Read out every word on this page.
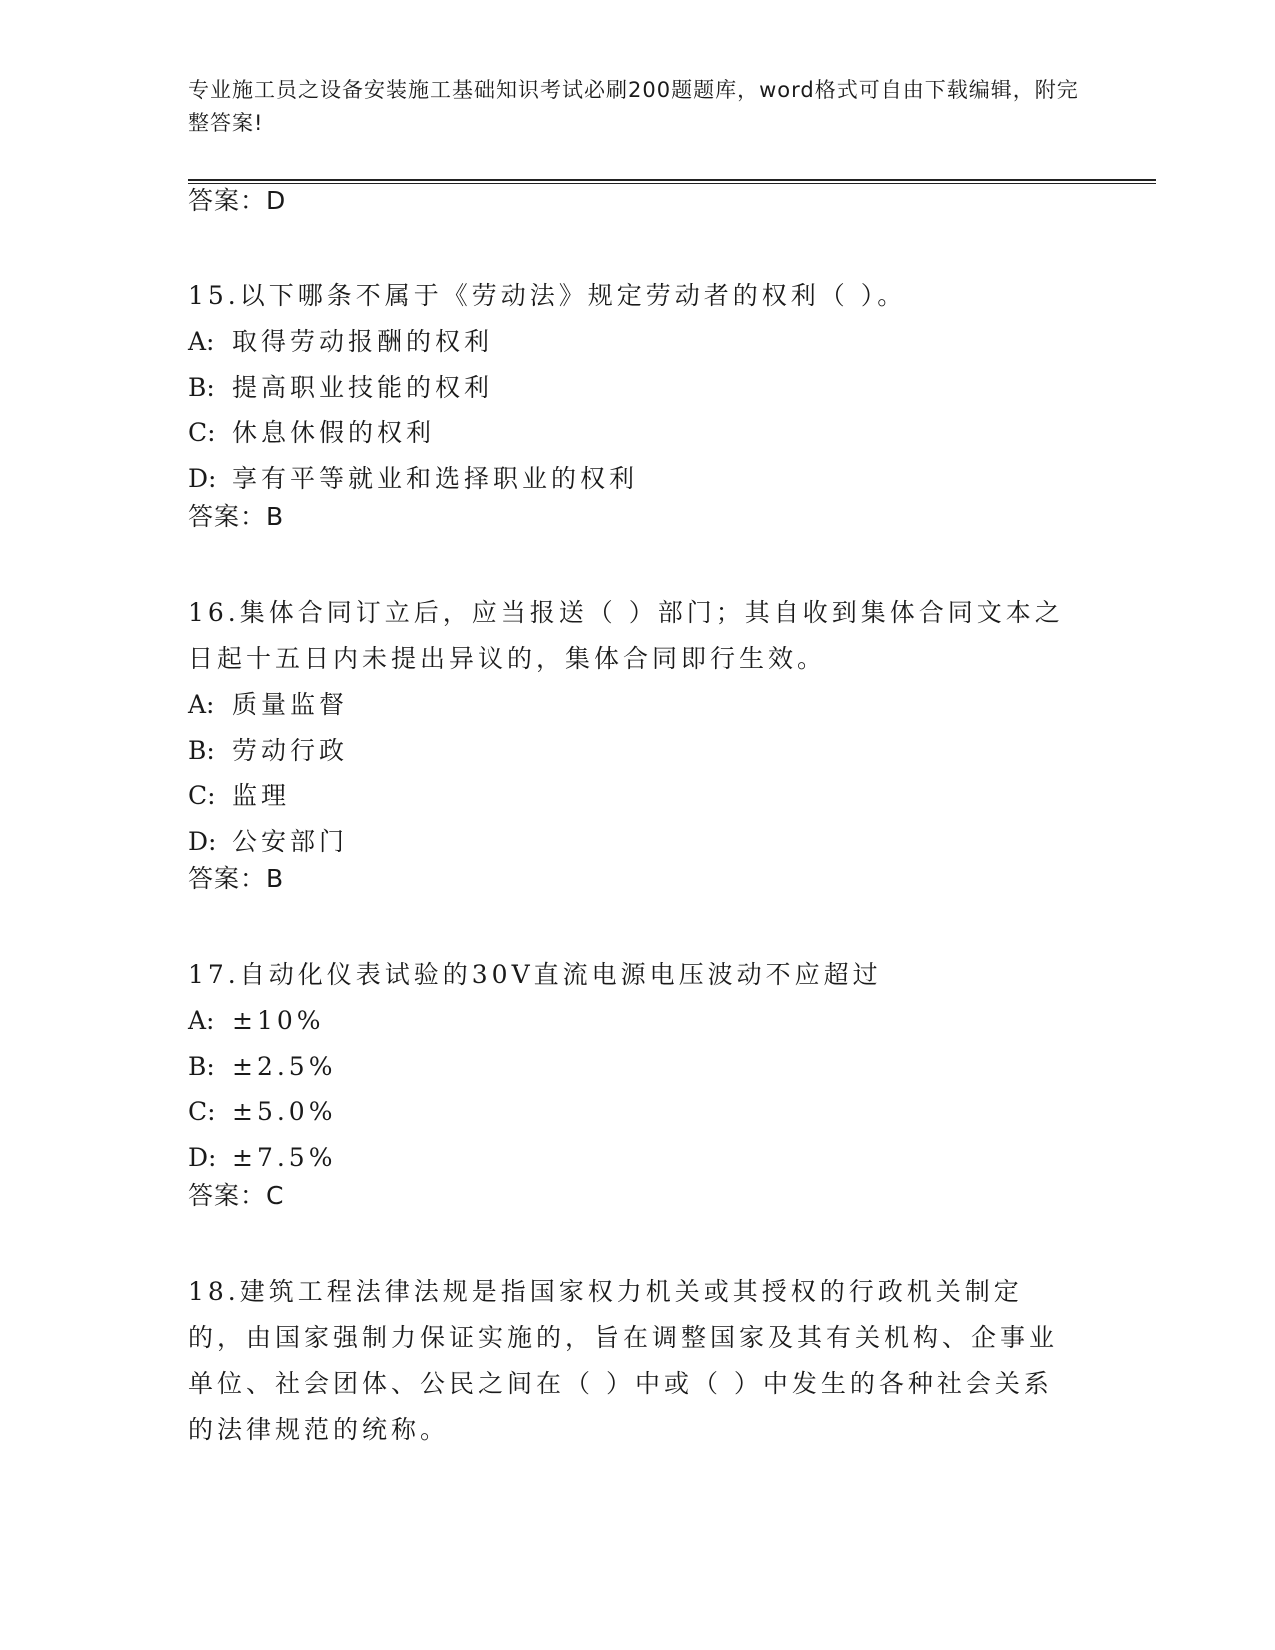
专业施工员之设备安装施工基础知识考试必刷200题题库，word格式可自由下载编辑，附完整答案!
答案：D
15.以下哪条不属于《劳动法》规定劳动者的权利（ ）。
A: 取得劳动报酬的权利
B: 提高职业技能的权利
C: 休息休假的权利
D: 享有平等就业和选择职业的权利
答案：B
16.集体合同订立后，应当报送（ ）部门；其自收到集体合同文本之日起十五日内未提出异议的，集体合同即行生效。
A: 质量监督
B: 劳动行政
C: 监理
D: 公安部门
答案：B
17.自动化仪表试验的30V直流电源电压波动不应超过
A: ±10%
B: ±2.5%
C: ±5.0%
D: ±7.5%
答案：C
18.建筑工程法律法规是指国家权力机关或其授权的行政机关制定的，由国家强制力保证实施的，旨在调整国家及其有关机构、企事业单位、社会团体、公民之间在（ ）中或（ ）中发生的各种社会关系的法律规范的统称。
